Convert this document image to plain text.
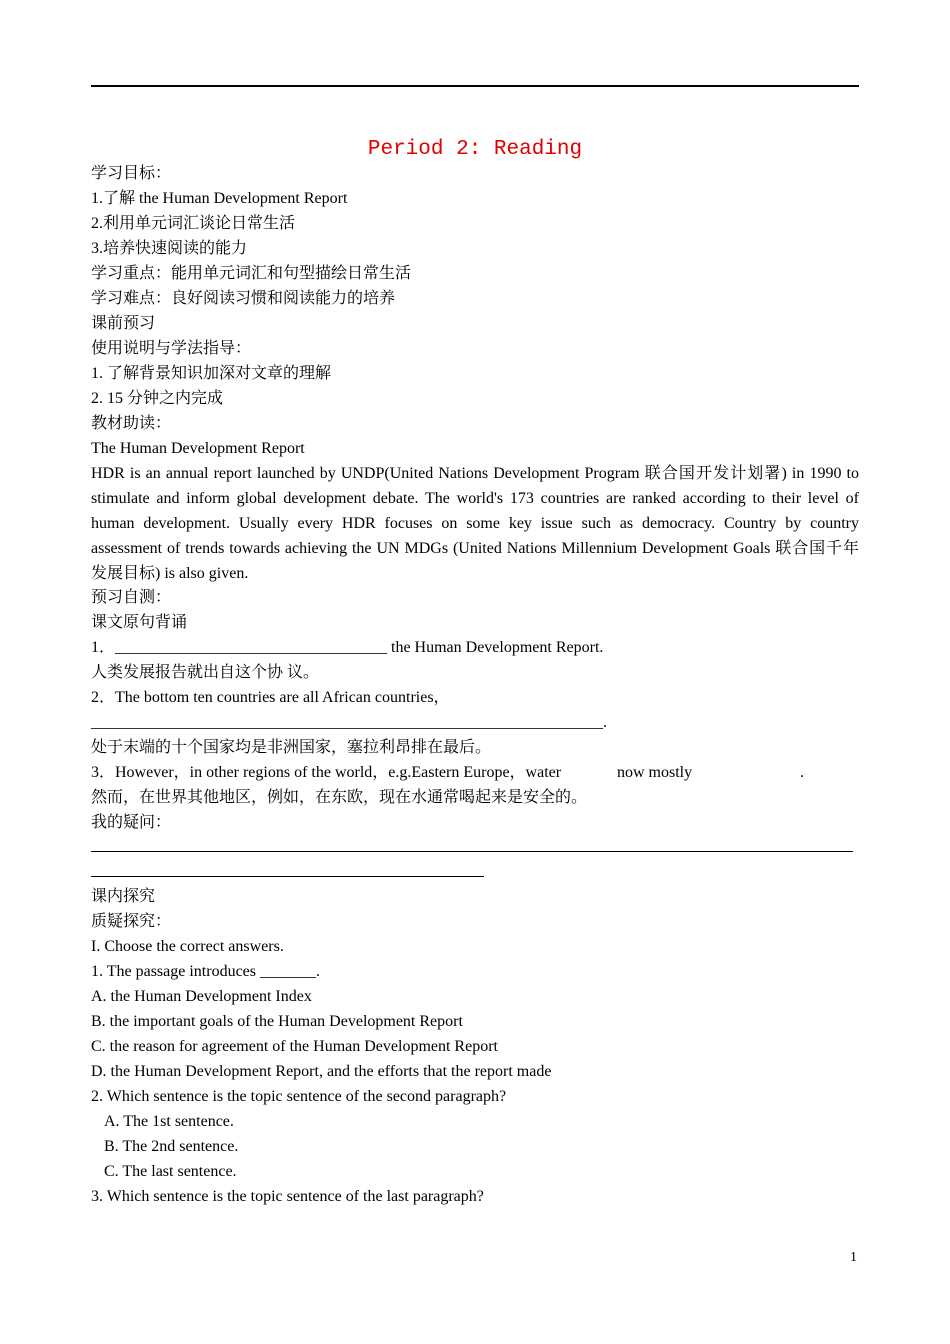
Period 2: Reading
学习目标：
1.了解 the Human Development Report
2.利用单元词汇谈论日常生活
3.培养快速阅读的能力
学习重点：能用单元词汇和句型描绘日常生活
学习难点：良好阅读习惯和阅读能力的培养
课前预习
使用说明与学法指导：
1. 了解背景知识加深对文章的理解
2. 15 分钟之内完成
教材助读：
The Human Development Report
HDR is an annual report launched by UNDP(United Nations Development Program 联合国开发计划署) in 1990 to stimulate and inform global development debate. The world's 173 countries are ranked according to their level of human development. Usually every HDR focuses on some key issue such as democracy. Country by country assessment of trends towards achieving the UN MDGs (United Nations Millennium Development Goals 联合国千年发展目标) is also given.
预习自测：
课文原句背诵
1．__________________________________ the Human Development Report.
人类发展报告就出自这个协 议。
2．The bottom ten countries are all African countries，
________________________________________________________________.
处于末端的十个国家均是非洲国家，塞拉利昂排在最后。
3．However，in other regions of the world，e.g.Eastern Europe，water	now mostly	.
然而，在世界其他地区，例如，在东欧，现在水通常喝起来是安全的。
我的疑问：
课内探究
质疑探究：
I. Choose the correct answers.
1. The passage introduces _______.
A. the Human Development Index
B. the important goals of the Human Development Report
C. the reason for agreement of the Human Development Report
D. the Human Development Report, and the efforts that the report made
2. Which sentence is the topic sentence of the second paragraph?
A. The 1st sentence.
B. The 2nd sentence.
C. The last sentence.
3. Which sentence is the topic sentence of the last paragraph?
1
